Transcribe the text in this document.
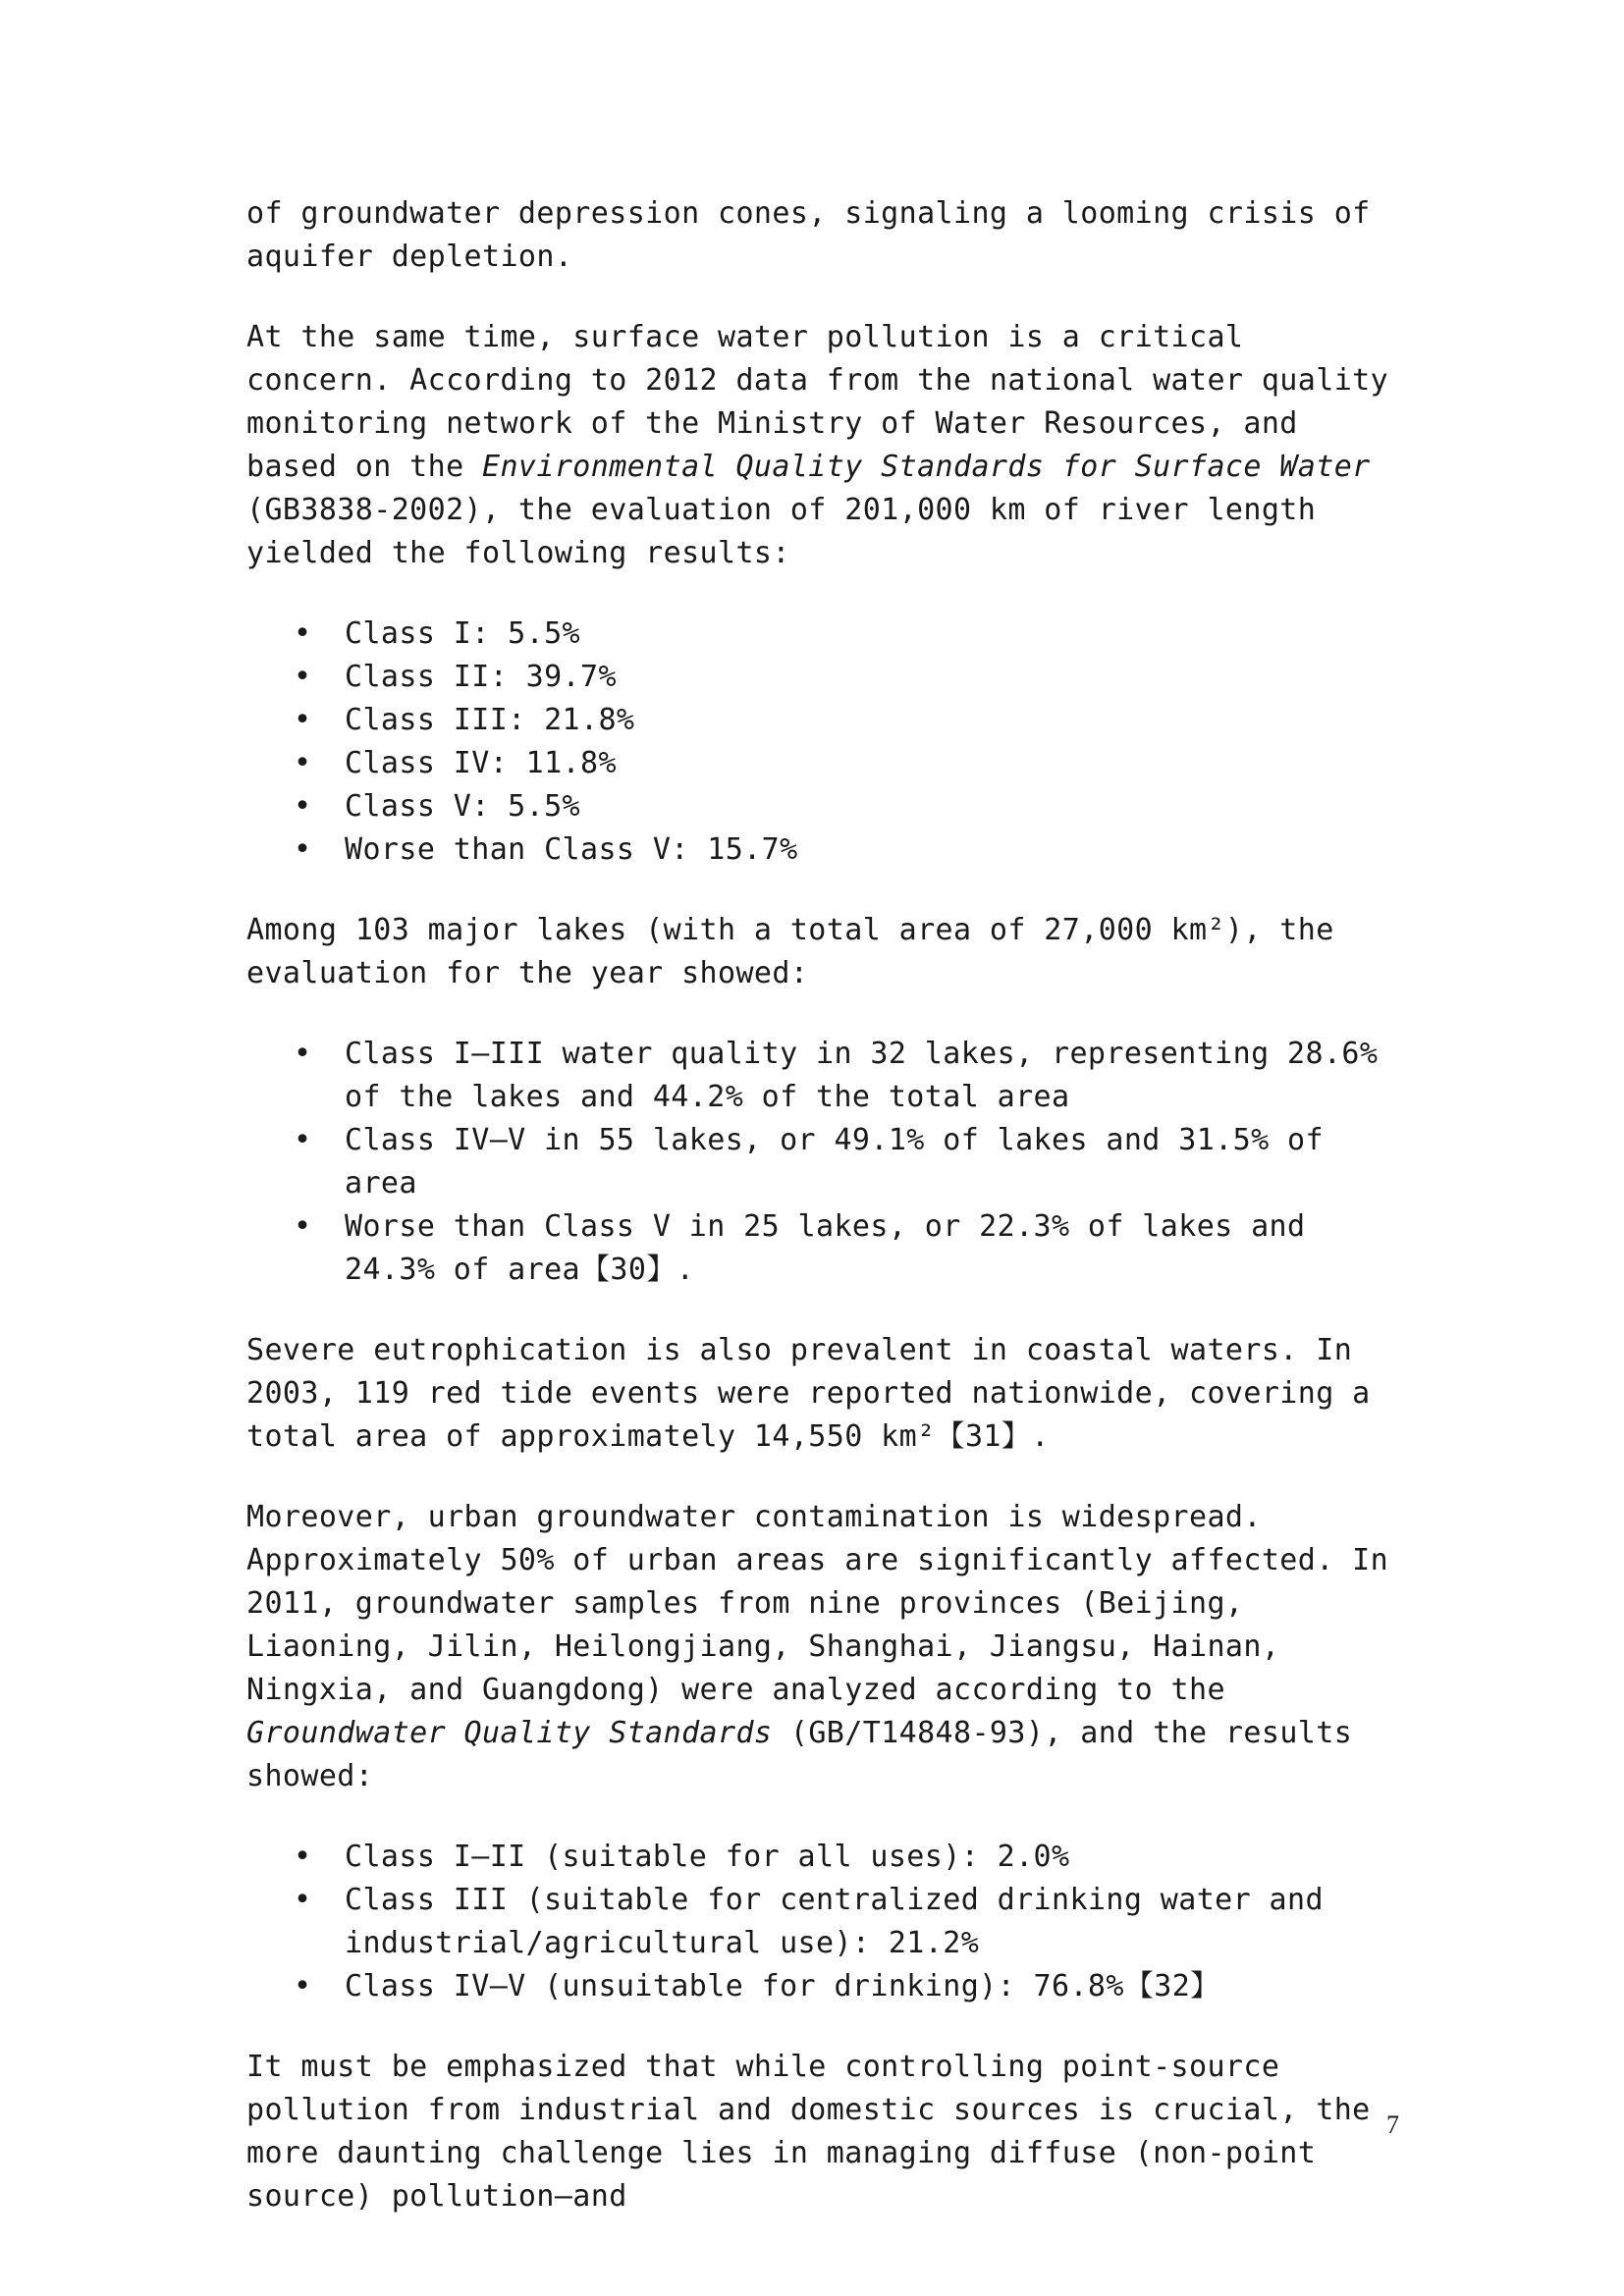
of groundwater depression cones, signaling a looming crisis of aquifer depletion.

At the same time, surface water pollution is a critical concern. According to 2012 data from the national water quality monitoring network of the Ministry of Water Resources, and based on the Environmental Quality Standards for Surface Water (GB3838-2002), the evaluation of 201,000 km of river length yielded the following results:

• Class I: 5.5%
• Class II: 39.7%
• Class III: 21.8%
• Class IV: 11.8%
• Class V: 5.5%
• Worse than Class V: 15.7%

Among 103 major lakes (with a total area of 27,000 km²), the evaluation for the year showed:

• Class I–III water quality in 32 lakes, representing 28.6% of the lakes and 44.2% of the total area
• Class IV–V in 55 lakes, or 49.1% of lakes and 31.5% of area
• Worse than Class V in 25 lakes, or 22.3% of lakes and 24.3% of area【30】.

Severe eutrophication is also prevalent in coastal waters. In 2003, 119 red tide events were reported nationwide, covering a total area of approximately 14,550 km²【31】.

Moreover, urban groundwater contamination is widespread. Approximately 50% of urban areas are significantly affected. In 2011, groundwater samples from nine provinces (Beijing, Liaoning, Jilin, Heilongjiang, Shanghai, Jiangsu, Hainan, Ningxia, and Guangdong) were analyzed according to the Groundwater Quality Standards (GB/T14848-93), and the results showed:

• Class I–II (suitable for all uses): 2.0%
• Class III (suitable for centralized drinking water and industrial/agricultural use): 21.2%
• Class IV–V (unsuitable for drinking): 76.8%【32】

It must be emphasized that while controlling point-source pollution from industrial and domestic sources is crucial, the more daunting challenge lies in managing diffuse (non-point source) pollution—and

7
